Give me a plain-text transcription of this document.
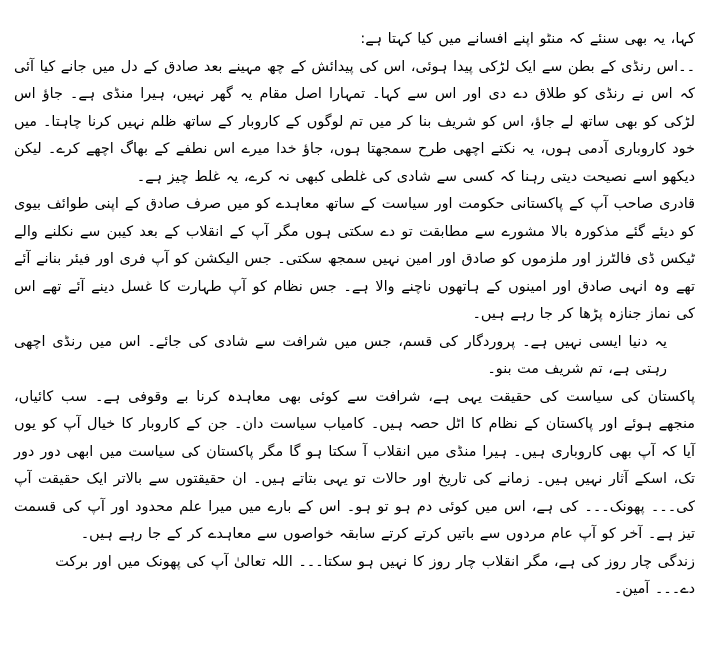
کہا، یہ بھی سنئے کہ منٹو اپنے افسانے میں کیا کہتا ہے:

۔۔اس رنڈی کے بطن سے ایک لڑکی پیدا ہوئی، اس کی پیدائش کے چھ مہینے بعد صادق کے دل میں جانے کیا آئی کہ اس نے رنڈی کو طلاق دے دی اور اس سے کہا۔ تمہارا اصل مقام یہ گھر نہیں، ہیرا منڈی ہے۔ جاؤ اس لڑکی کو بھی ساتھ لے جاؤ، اس کو شریف بنا کر میں تم لوگوں کے کاروبار کے ساتھ ظلم نہیں کرنا چاہتا۔ میں خود کاروباری آدمی ہوں، یہ نکتے اچھی طرح سمجھتا ہوں، جاؤ خدا میرے اس نطفے کے بھاگ اچھے کرے۔ لیکن دیکھو اسے نصیحت دیتی رہنا کہ کسی سے شادی کی غلطی کبھی نہ کرے، یہ غلط چیز ہے۔

قادری صاحب آپ کے پاکستانی حکومت اور سیاست کے ساتھ معاہدے کو میں صرف صادق کے اپنی طوائف بیوی کو دیئے گئے مذکورہ بالا مشورے سے مطابقت تو دے سکتی ہوں مگر آپ کے انقلاب کے بعد کیبن سے نکلنے والے ٹیکس ڈی فالٹرز اور ملزموں کو صادق اور امین نہیں سمجھ سکتی۔ جس الیکشن کو آپ فری اور فیئر بنانے آئے تھے وہ انہی صادق اور امینوں کے ہاتھوں ناچنے والا ہے۔ جس نظام کو آپ طہارت کا غسل دینے آئے تھے اس کی نماز جنازہ پڑھا کر جا رہے ہیں۔

یہ دنیا ایسی نہیں ہے۔ پروردگار کی قسم، جس میں شرافت سے شادی کی جائے۔ اس میں رنڈی اچھی رہتی ہے، تم شریف مت بنو۔

پاکستان کی سیاست کی حقیقت یہی ہے، شرافت سے کوئی بھی معاہدہ کرنا بے وقوفی ہے۔ سب کائیاں، منجھے ہوئے اور پاکستان کے نظام کا اٹل حصہ ہیں۔ کامیاب سیاست دان۔ جن کے کاروبار کا خیال آپ کو یوں آیا کہ آپ بھی کاروباری ہیں۔ ہیرا منڈی میں انقلاب آ سکتا ہو گا مگر پاکستان کی سیاست میں ابھی دور دور تک، اسکے آثار نہیں ہیں۔ زمانے کی تاریخ اور حالات تو یہی بتاتے ہیں۔ ان حقیقتوں سے بالاتر ایک حقیقت آپ کی۔۔۔ پھونک۔۔۔ کی ہے، اس میں کوئی دم ہو تو ہو۔ اس کے بارے میں میرا علم محدود اور آپ کی قسمت تیز ہے۔ آخر کو آپ عام مردوں سے باتیں کرتے کرتے سابقہ خواصوں سے معاہدے کر کے جا رہے ہیں۔

زندگی چار روز کی ہے، مگر انقلاب چار روز کا نہیں ہو سکتا۔۔۔ اللہ تعالیٰ آپ کی پھونک میں اور برکت دے۔۔۔ آمین۔
